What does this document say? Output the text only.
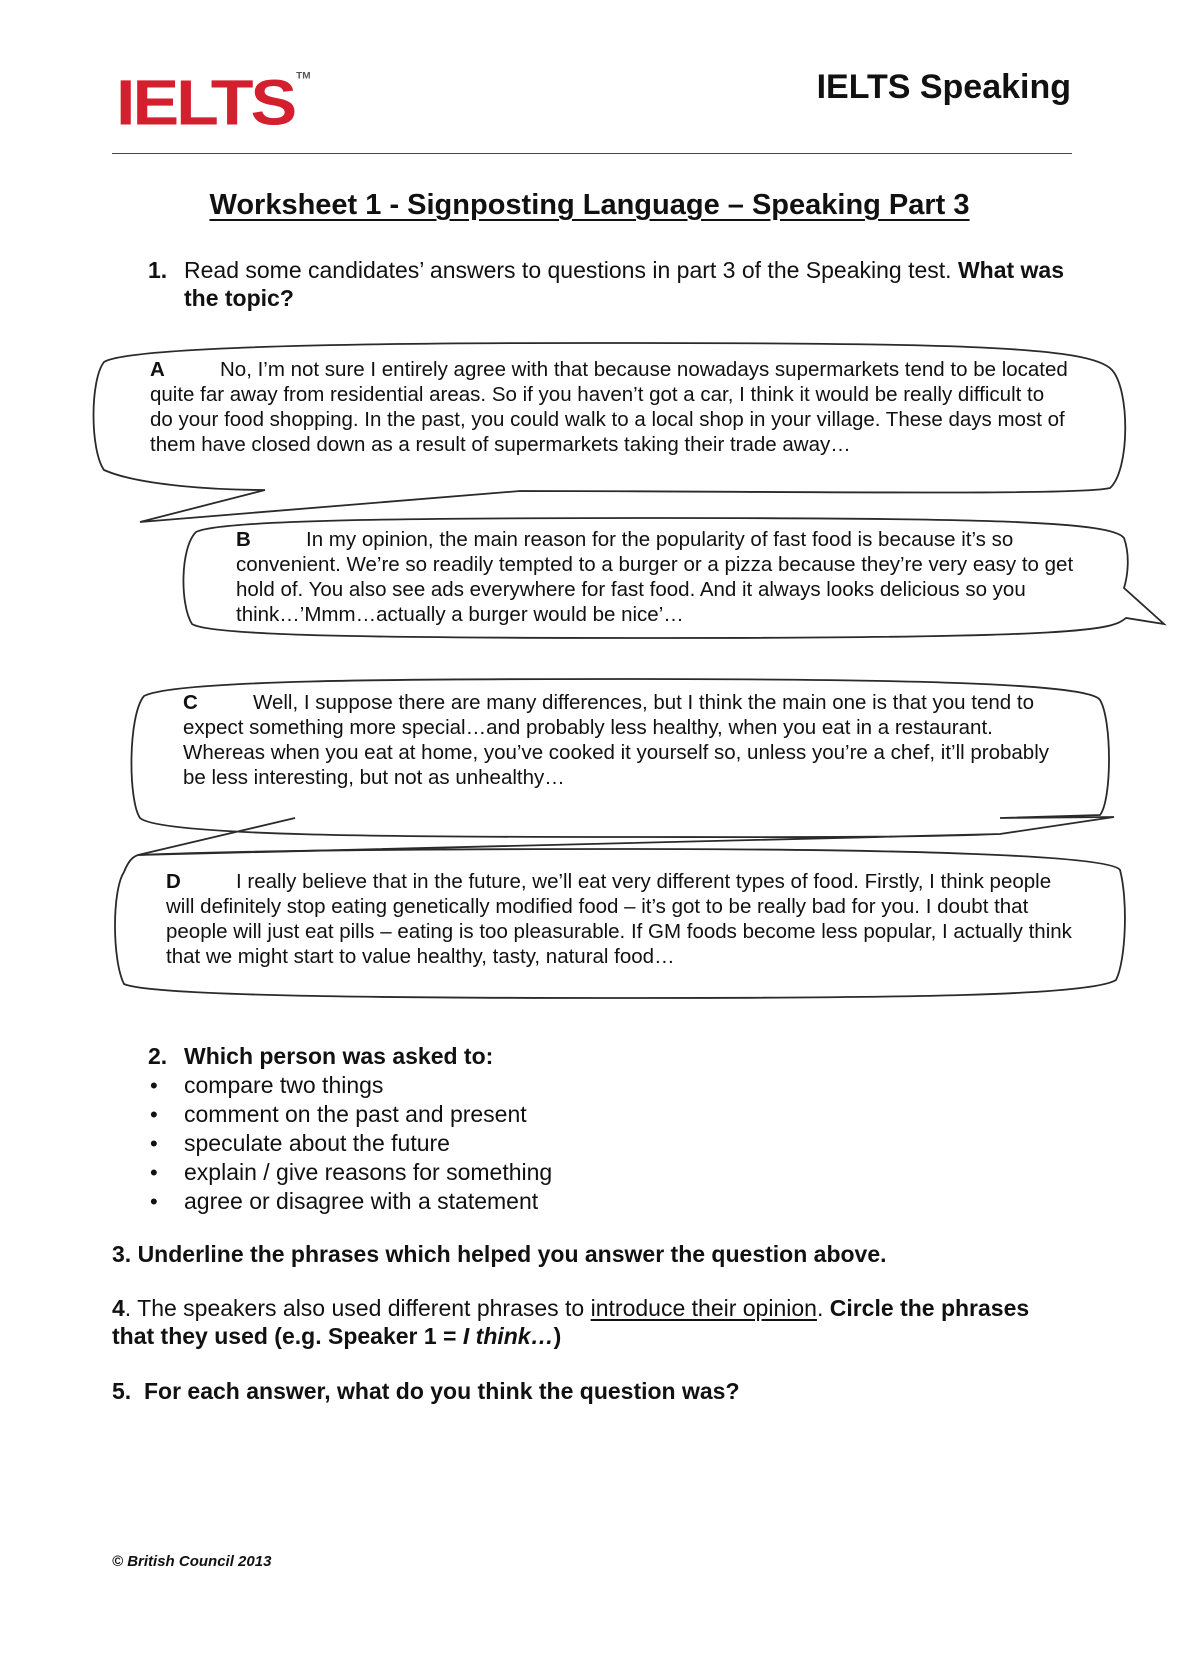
IELTS ™	IELTS Speaking
Worksheet 1 - Signposting Language – Speaking Part 3
1. Read some candidates’ answers to questions in part 3 of the Speaking test. What was the topic?
A	No, I’m not sure I entirely agree with that because nowadays supermarkets tend to be located quite far away from residential areas. So if you haven’t got a car, I think it would be really difficult to do your food shopping. In the past, you could walk to a local shop in your village. These days most of them have closed down as a result of supermarkets taking their trade away…
B	In my opinion, the main reason for the popularity of fast food is because it’s so convenient. We’re so readily tempted to a burger or a pizza because they’re very easy to get hold of. You also see ads everywhere for fast food. And it always looks delicious so you think…’Mmm…actually a burger would be nice’…
C	Well, I suppose there are many differences, but I think the main one is that you tend to expect something more special…and probably less healthy, when you eat in a restaurant. Whereas when you eat at home, you’ve cooked it yourself so, unless you’re a chef, it’ll probably be less interesting, but not as unhealthy…
D	I really believe that in the future, we’ll eat very different types of food. Firstly, I think people will definitely stop eating genetically modified food – it’s got to be really bad for you. I doubt that people will just eat pills – eating is too pleasurable. If GM foods become less popular, I actually think that we might start to value healthy, tasty, natural food…
2. Which person was asked to:
• compare two things
• comment on the past and present
• speculate about the future
• explain / give reasons for something
• agree or disagree with a statement
3. Underline the phrases which helped you answer the question above.
4. The speakers also used different phrases to introduce their opinion. Circle the phrases that they used (e.g. Speaker 1 = I think…)
5. For each answer, what do you think the question was?
© British Council 2013
